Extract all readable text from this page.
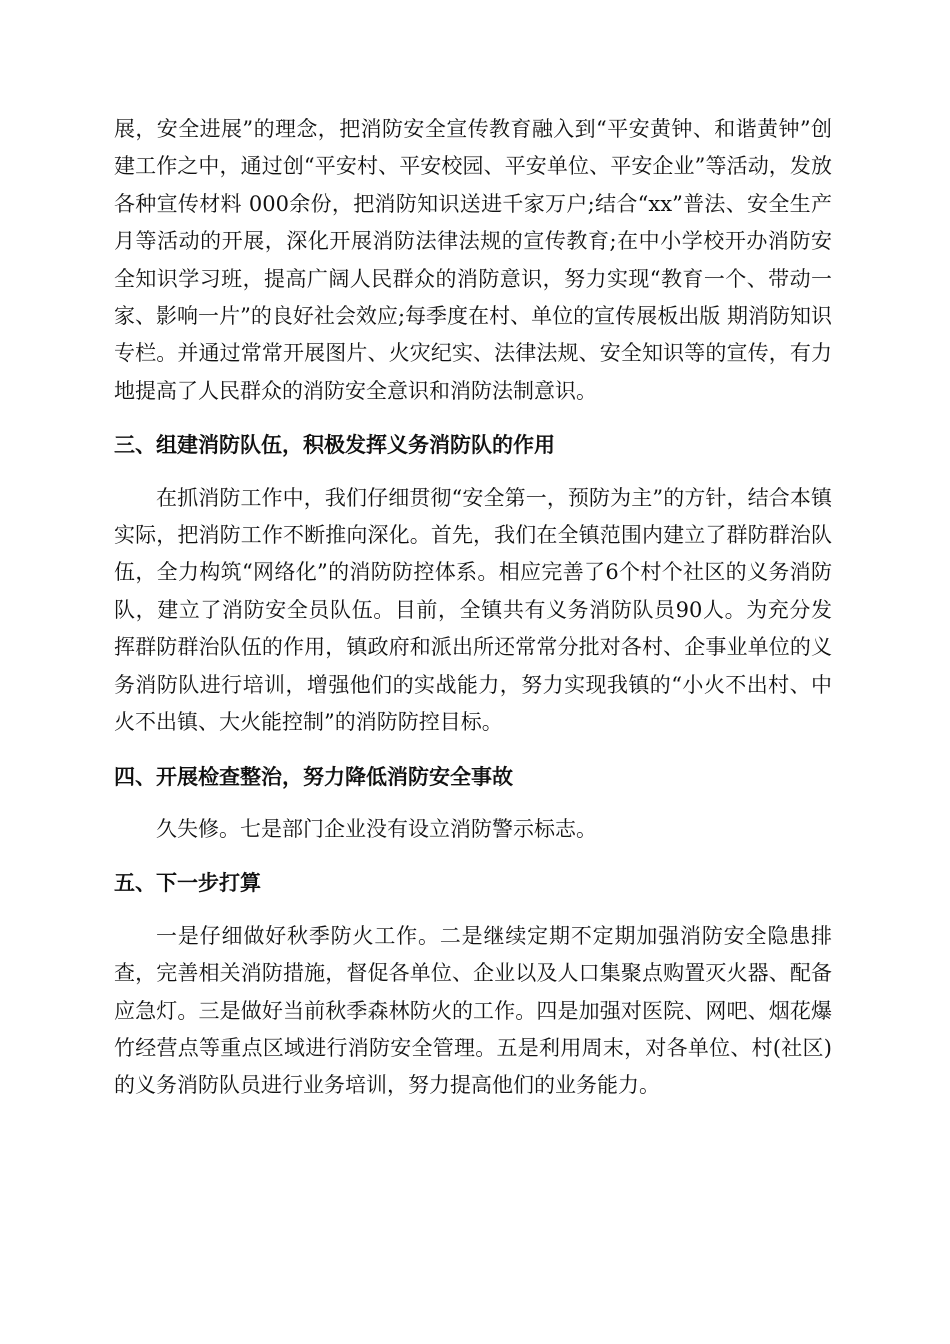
展，安全进展”的理念，把消防安全宣传教育融入到“平安黄钟、和谐黄钟”创建工作之中，通过创“平安村、平安校园、平安单位、平安企业”等活动，发放各种宣传材料 000余份，把消防知识送进千家万户;结合“xx”普法、安全生产月等活动的开展，深化开展消防法律法规的宣传教育;在中小学校开办消防安全知识学习班，提高广阔人民群众的消防意识，努力实现“教育一个、带动一家、影响一片”的良好社会效应;每季度在村、单位的宣传展板出版 期消防知识专栏。并通过常常开展图片、火灾纪实、法律法规、安全知识等的宣传，有力地提高了人民群众的消防安全意识和消防法制意识。

三、组建消防队伍，积极发挥义务消防队的作用

在抓消防工作中，我们仔细贯彻“安全第一，预防为主”的方针，结合本镇实际，把消防工作不断推向深化。首先，我们在全镇范围内建立了群防群治队伍，全力构筑“网络化”的消防防控体系。相应完善了6个村个社区的义务消防队，建立了消防安全员队伍。目前，全镇共有义务消防队员90人。为充分发挥群防群治队伍的作用，镇政府和派出所还常常分批对各村、企事业单位的义务消防队进行培训，增强他们的实战能力，努力实现我镇的“小火不出村、中火不出镇、大火能控制”的消防防控目标。

四、开展检查整治，努力降低消防安全事故

久失修。七是部门企业没有设立消防警示标志。

五、下一步打算

一是仔细做好秋季防火工作。二是继续定期不定期加强消防安全隐患排查，完善相关消防措施，督促各单位、企业以及人口集聚点购置灭火器、配备应急灯。三是做好当前秋季森林防火的工作。四是加强对医院、网吧、烟花爆竹经营点等重点区域进行消防安全管理。五是利用周末，对各单位、村(社区)的义务消防队员进行业务培训，努力提高他们的业务能力。
